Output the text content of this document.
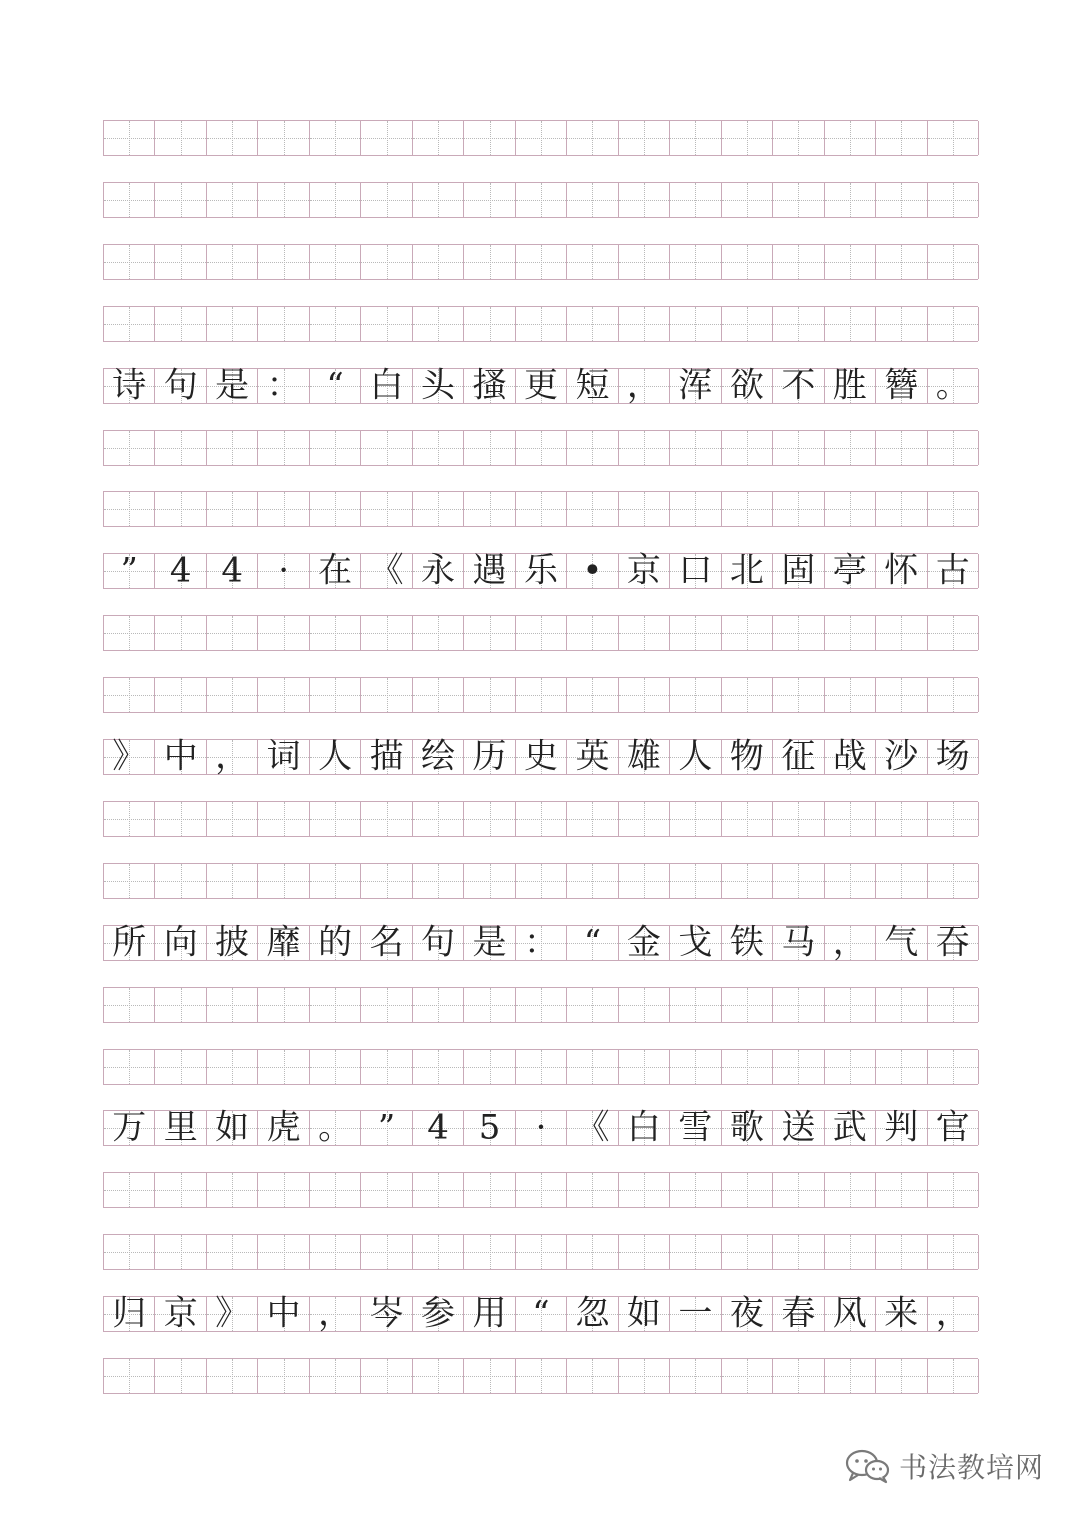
诗 句 是 ： “ 白 头 搔 更 短 ， 浑 欲 不 胜 簪 。
” 4 4	· 在 《 永 遇 乐 • 京 口 北 固 亭 怀 古
》 中 ， 词 人 描 绘 历 史 英 雄 人 物 征 战 沙 场
所 向 披 靡 的 名 句 是 ： “ 金 戈 铁 马 ， 气 吞
万 里 如 虎 。 ” 4 5	· 《 白 雪 歌 送 武 判 官
归 京 》 中 ， 岑 参 用 “ 忽 如 一 夜 春 风 来 ，
书法教培网
